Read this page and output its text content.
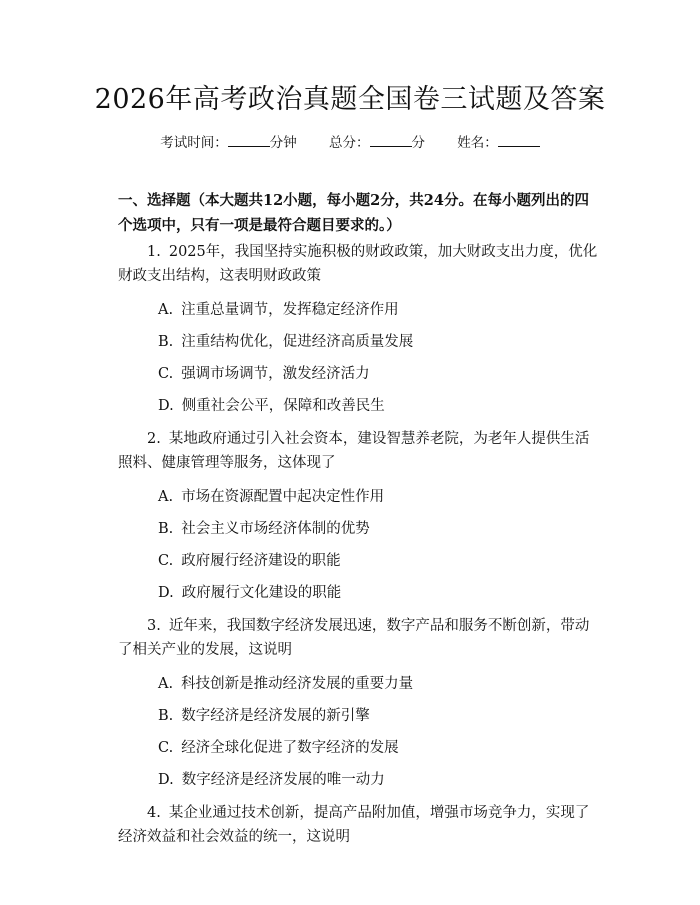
2026年高考政治真题全国卷三试题及答案
考试时间：	分钟 总分：	分 姓名：

一、选择题（本大题共12小题，每小题2分，共24分。在每小题列出的四个选项中，只有一项是最符合题目要求的。）

1. 2025年，我国坚持实施积极的财政政策，加大财政支出力度，优化财政支出结构，这表明财政政策

A. 注重总量调节，发挥稳定经济作用

B. 注重结构优化，促进经济高质量发展

C. 强调市场调节，激发经济活力

D. 侧重社会公平，保障和改善民生

2. 某地政府通过引入社会资本，建设智慧养老院，为老年人提供生活照料、健康管理等服务，这体现了

A. 市场在资源配置中起决定性作用

B. 社会主义市场经济体制的优势

C. 政府履行经济建设的职能

D. 政府履行文化建设的职能

3. 近年来，我国数字经济发展迅速，数字产品和服务不断创新，带动了相关产业的发展，这说明

A. 科技创新是推动经济发展的重要力量

B. 数字经济是经济发展的新引擎

C. 经济全球化促进了数字经济的发展

D. 数字经济是经济发展的唯一动力

4. 某企业通过技术创新，提高产品附加值，增强市场竞争力，实现了经济效益和社会效益的统一，这说明
